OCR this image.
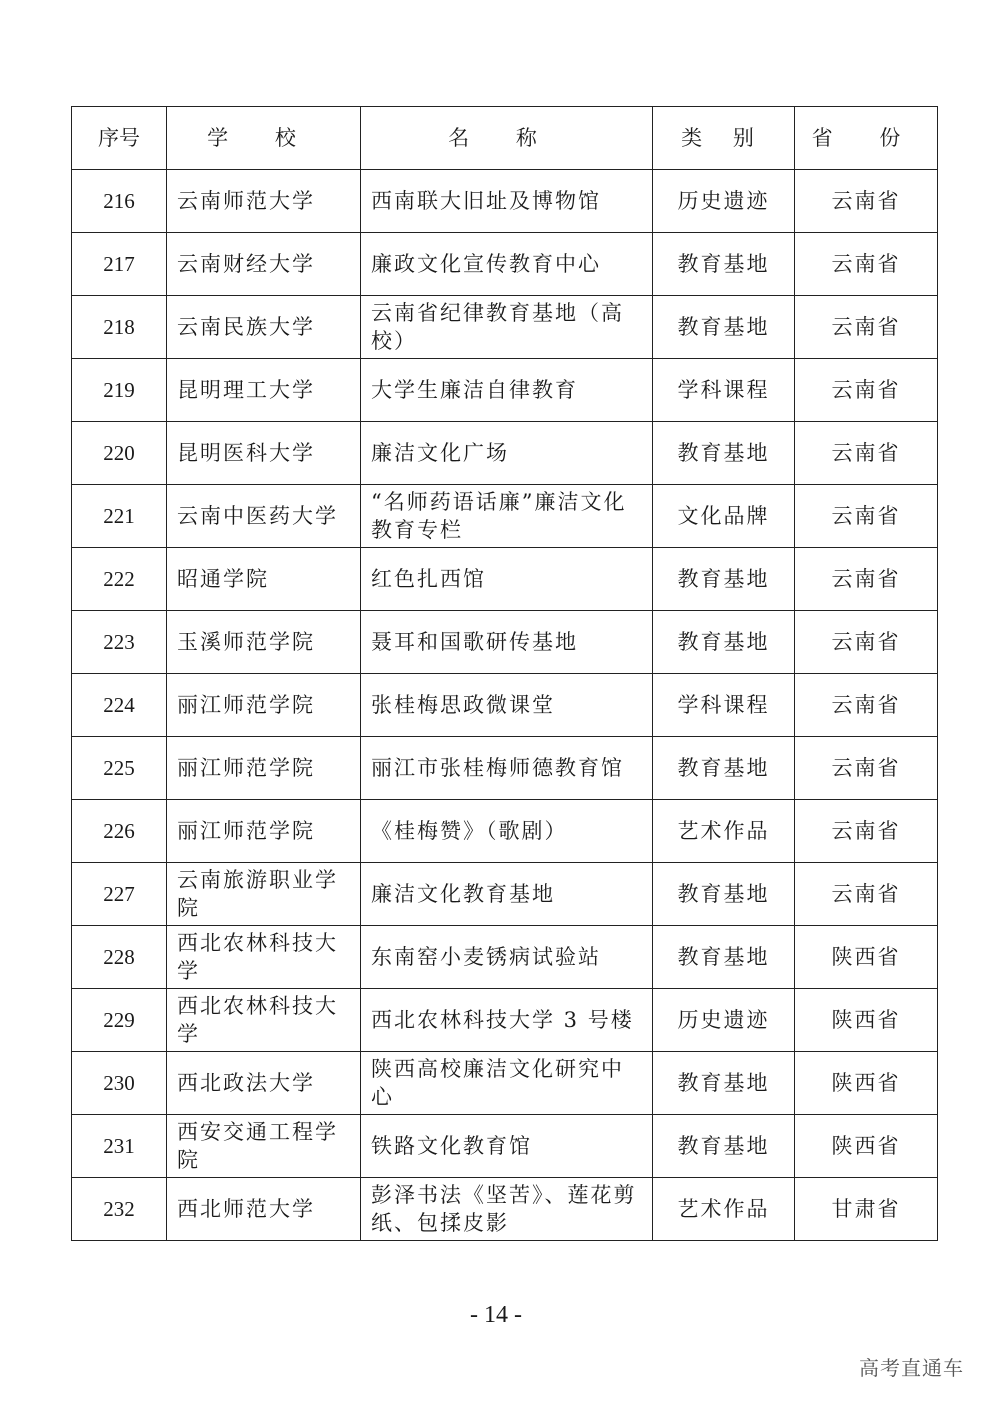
序号	学 校	名 称	类 别	省 份
216	云南师范大学	西南联大旧址及博物馆	历史遗迹	云南省
217	云南财经大学	廉政文化宣传教育中心	教育基地	云南省
218	云南民族大学	云南省纪律教育基地（高校）	教育基地	云南省
219	昆明理工大学	大学生廉洁自律教育	学科课程	云南省
220	昆明医科大学	廉洁文化广场	教育基地	云南省
221	云南中医药大学	“名师药语话廉”廉洁文化教育专栏	文化品牌	云南省
222	昭通学院	红色扎西馆	教育基地	云南省
223	玉溪师范学院	聂耳和国歌研传基地	教育基地	云南省
224	丽江师范学院	张桂梅思政微课堂	学科课程	云南省
225	丽江师范学院	丽江市张桂梅师德教育馆	教育基地	云南省
226	丽江师范学院	《桂梅赞》（歌剧）	艺术作品	云南省
227	云南旅游职业学院	廉洁文化教育基地	教育基地	云南省
228	西北农林科技大学	东南窑小麦锈病试验站	教育基地	陕西省
229	西北农林科技大学	西北农林科技大学 3 号楼	历史遗迹	陕西省
230	西北政法大学	陕西高校廉洁文化研究中心	教育基地	陕西省
231	西安交通工程学院	铁路文化教育馆	教育基地	陕西省
232	西北师范大学	彭泽书法《坚苦》、莲花剪纸、包揉皮影	艺术作品	甘肃省
- 14 -
高考直通车
